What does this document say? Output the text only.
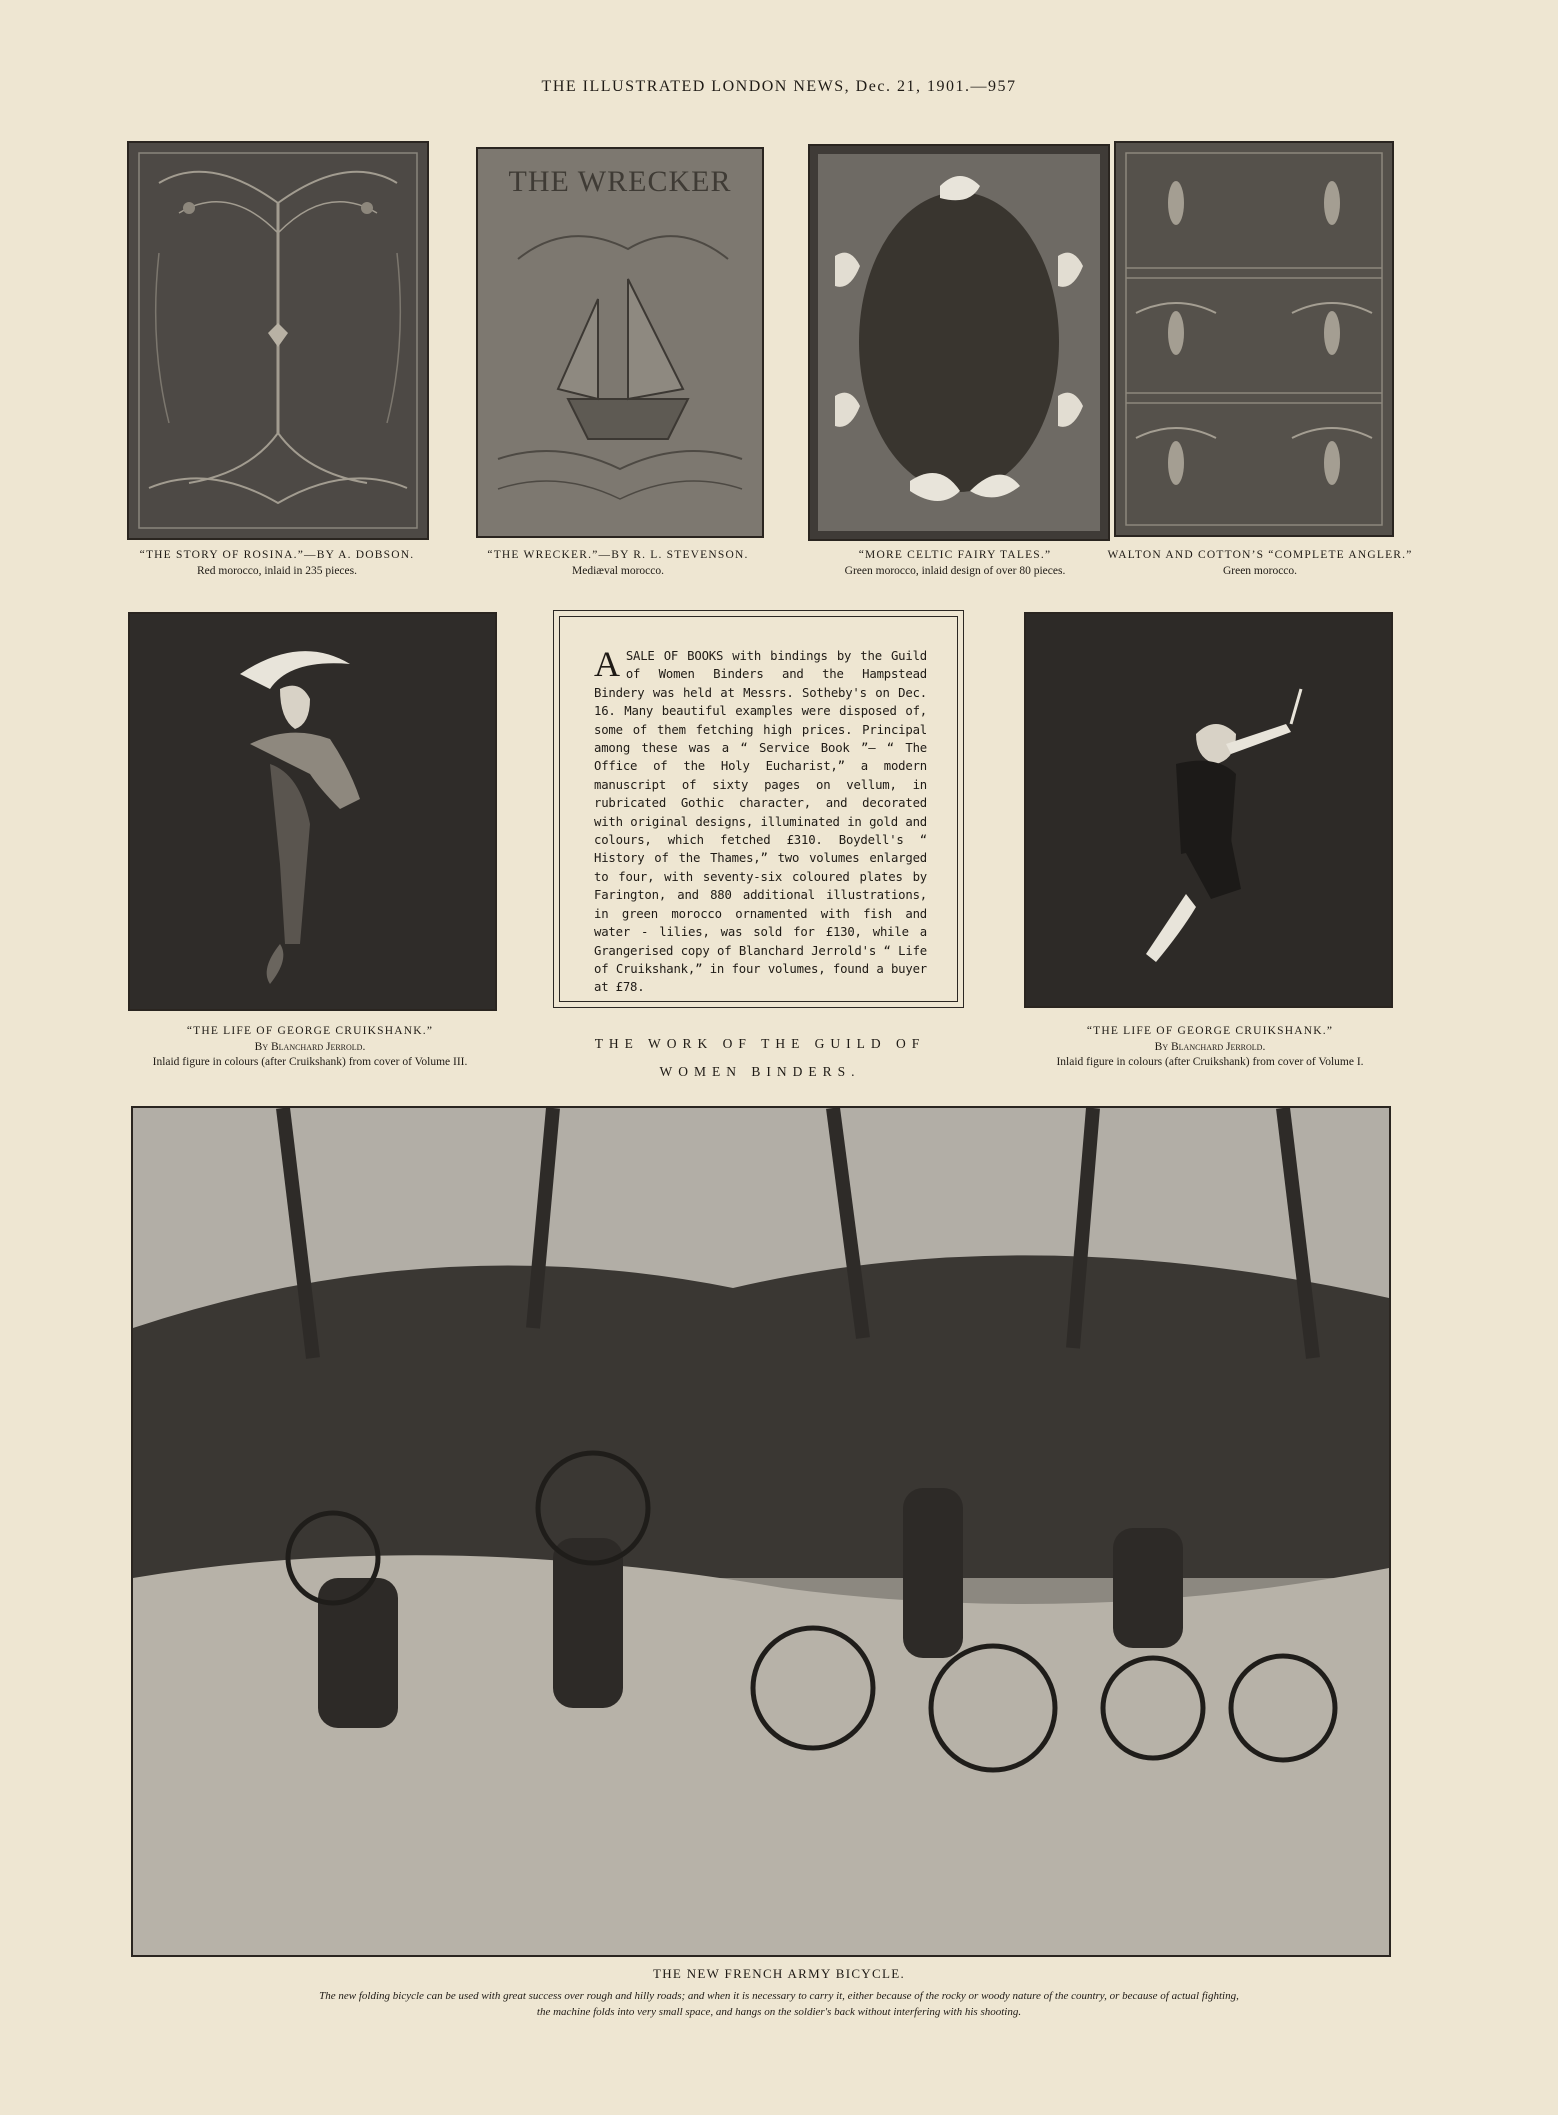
THE ILLUSTRATED LONDON NEWS, Dec. 21, 1901.—957
“THE STORY OF ROSINA.”—BY A. DOBSON.
Red morocco, inlaid in 235 pieces.
THE WRECKER
“THE WRECKER.”—BY R. L. STEVENSON.
Mediæval morocco.
“MORE CELTIC FAIRY TALES.”
Green morocco, inlaid design of over 80 pieces.
WALTON AND COTTON’S “COMPLETE ANGLER.”
Green morocco.
“THE LIFE OF GEORGE CRUIKSHANK.”
By Blanchard Jerrold.
Inlaid figure in colours (after Cruikshank) from cover of Volume III.
ASALE OF BOOKS with bindings by the Guild of Women Binders and the Hampstead Bindery was held at Messrs. Sotheby's on Dec. 16. Many beautiful examples were disposed of, some of them fetching high prices. Principal among these was a “ Service Book ”— “ The Office of the Holy Eucharist,” a modern manuscript of sixty pages on vellum, in rubricated Gothic character, and decorated with original designs, illuminated in gold and colours, which fetched £310. Boydell's “ History of the Thames,” two volumes enlarged to four, with seventy-six coloured plates by Farington, and 880 additional illustrations, in green morocco ornamented with fish and water - lilies, was sold for £130, while a Grangerised copy of Blanchard Jerrold's “ Life of Cruikshank,” in four volumes, found a buyer at £78.
THE WORK OF THE GUILD OF
WOMEN BINDERS.
“THE LIFE OF GEORGE CRUIKSHANK.”
By Blanchard Jerrold.
Inlaid figure in colours (after Cruikshank) from cover of Volume I.
THE NEW FRENCH ARMY BICYCLE.
The new folding bicycle can be used with great success over rough and hilly roads; and when it is necessary to carry it, either because of the rocky or woody nature of the country, or because of actual fighting,
the machine folds into very small space, and hangs on the soldier's back without interfering with his shooting.
